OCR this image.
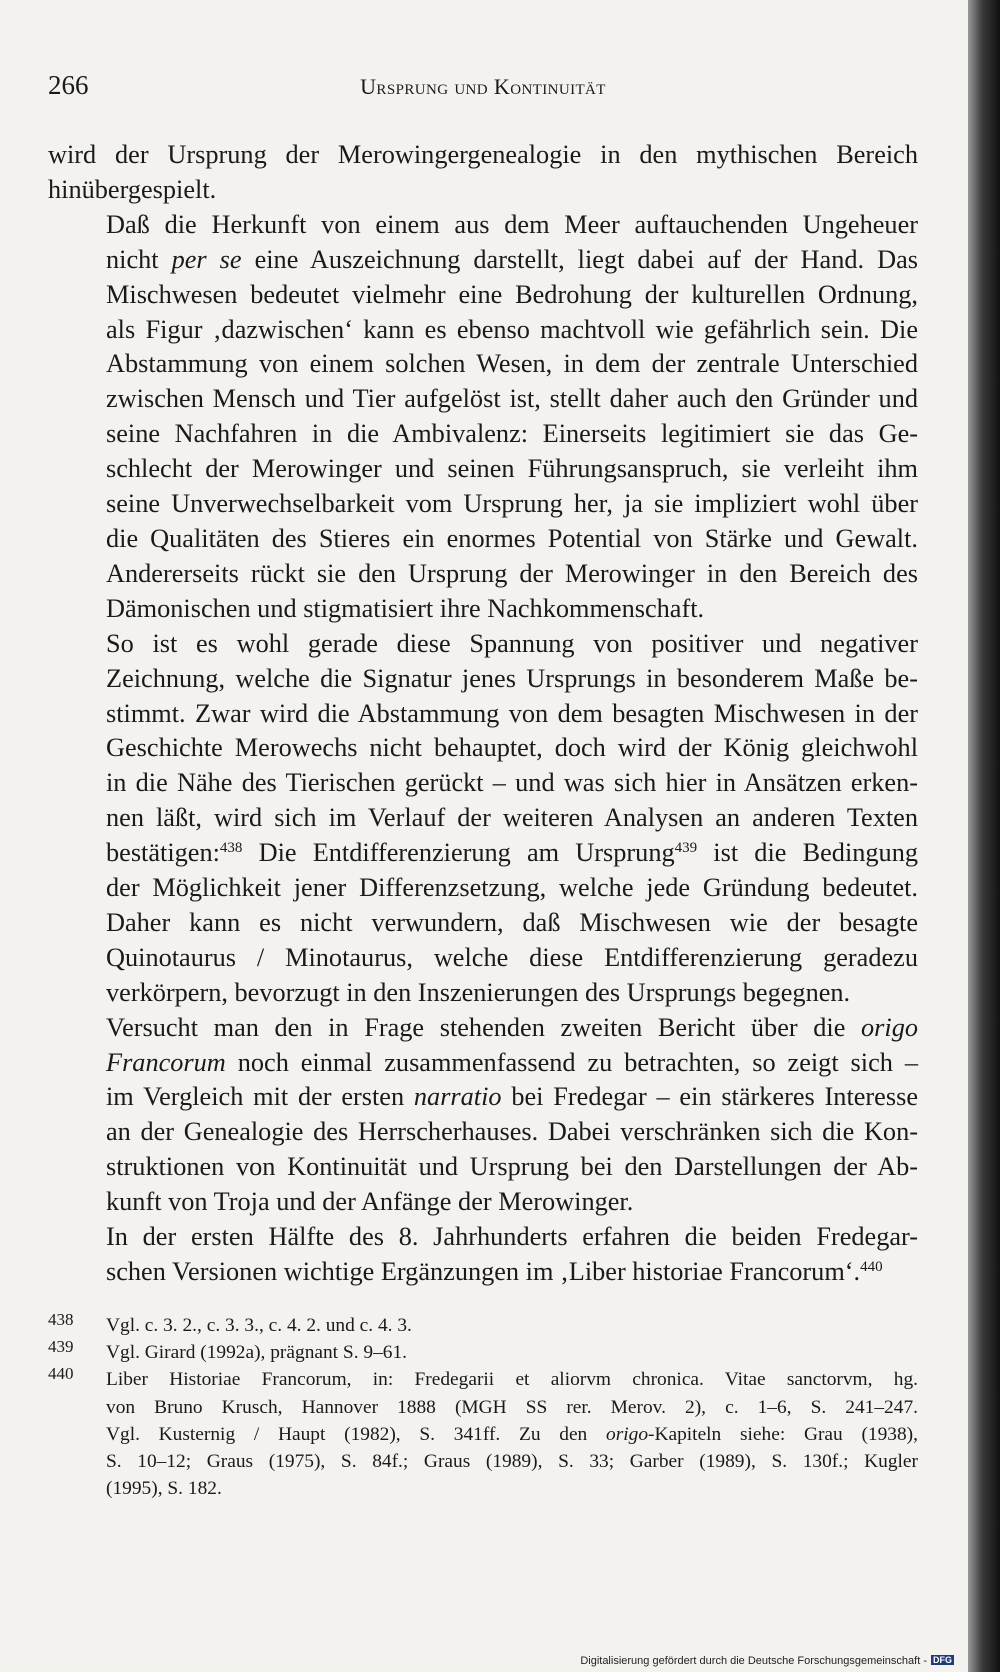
266	Ursprung und Kontinuität

wird der Ursprung der Merowingergenealogie in den mythischen Bereich
hinübergespielt.

Daß die Herkunft von einem aus dem Meer auftauchenden Ungeheuer
nicht per se eine Auszeichnung darstellt, liegt dabei auf der Hand. Das
Mischwesen bedeutet vielmehr eine Bedrohung der kulturellen Ordnung,
als Figur ‚dazwischen‘ kann es ebenso machtvoll wie gefährlich sein. Die
Abstammung von einem solchen Wesen, in dem der zentrale Unterschied
zwischen Mensch und Tier aufgelöst ist, stellt daher auch den Gründer und
seine Nachfahren in die Ambivalenz: Einerseits legitimiert sie das Ge-
schlecht der Merowinger und seinen Führungsanspruch, sie verleiht ihm
seine Unverwechselbarkeit vom Ursprung her, ja sie impliziert wohl über
die Qualitäten des Stieres ein enormes Potential von Stärke und Gewalt.
Andererseits rückt sie den Ursprung der Merowinger in den Bereich des
Dämonischen und stigmatisiert ihre Nachkommenschaft.

So ist es wohl gerade diese Spannung von positiver und negativer
Zeichnung, welche die Signatur jenes Ursprungs in besonderem Maße be-
stimmt. Zwar wird die Abstammung von dem besagten Mischwesen in der
Geschichte Merowechs nicht behauptet, doch wird der König gleichwohl
in die Nähe des Tierischen gerückt – und was sich hier in Ansätzen erken-
nen läßt, wird sich im Verlauf der weiteren Analysen an anderen Texten
bestätigen:$^{438}$ Die Entdifferenzierung am Ursprung$^{439}$ ist die Bedingung
der Möglichkeit jener Differenzsetzung, welche jede Gründung bedeutet.
Daher kann es nicht verwundern, daß Mischwesen wie der besagte
Quinotaurus / Minotaurus, welche diese Entdifferenzierung geradezu
verkörpern, bevorzugt in den Inszenierungen des Ursprungs begegnen.

Versucht man den in Frage stehenden zweiten Bericht über die origo
Francorum noch einmal zusammenfassend zu betrachten, so zeigt sich –
im Vergleich mit der ersten narratio bei Fredegar – ein stärkeres Interesse
an der Genealogie des Herrscherhauses. Dabei verschränken sich die Kon-
struktionen von Kontinuität und Ursprung bei den Darstellungen der Ab-
kunft von Troja und der Anfänge der Merowinger.

In der ersten Hälfte des 8. Jahrhunderts erfahren die beiden Fredegar-
schen Versionen wichtige Ergänzungen im ‚Liber historiae Francorum‘.$^{440}$

438 Vgl. c. 3. 2., c. 3. 3., c. 4. 2. und c. 4. 3.
439 Vgl. Girard (1992a), prägnant S. 9–61.
440 Liber Historiae Francorum, in: Fredegarii et aliorvm chronica. Vitae sanctorvm, hg.
von Bruno Krusch, Hannover 1888 (MGH SS rer. Merov. 2), c. 1–6, S. 241–247.
Vgl. Kusternig / Haupt (1982), S. 341ff. Zu den origo-Kapiteln siehe: Grau (1938),
S. 10–12; Graus (1975), S. 84f.; Graus (1989), S. 33; Garber (1989), S. 130f.; Kugler
(1995), S. 182.
Digitalisierung gefördert durch die Deutsche Forschungsgemeinschaft - DFG
